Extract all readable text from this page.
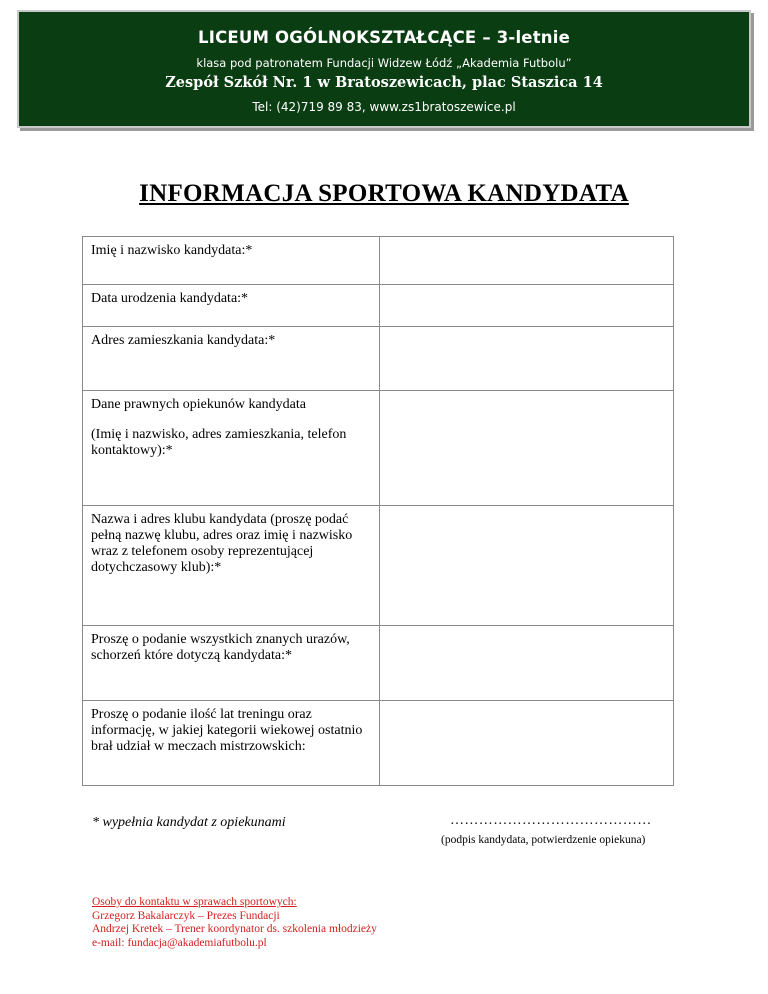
LICEUM OGÓLNOKSZTAŁCĄCE – 3-letnie
klasa pod patronatem Fundacji Widzew Łódź „Akademia Futbolu”
Zespół Szkół Nr. 1 w Bratoszewicach, plac Staszica 14
Tel: (42)719 89 83, www.zs1bratoszewice.pl
INFORMACJA SPORTOWA KANDYDATA
Imię i nazwisko kandydata:*	
Data urodzenia kandydata:*	
Adres zamieszkania kandydata:*	

Dane prawnych opiekunów kandydata
(Imię i nazwisko, adres zamieszkania, telefon kontaktowy):*	

Nazwa i adres klubu kandydata (proszę podać pełną nazwę klubu, adres oraz imię i nazwisko wraz z telefonem osoby reprezentującej dotychczasowy klub):*	
Proszę o podanie wszystkich znanych urazów, schorzeń które dotyczą kandydata:*	
Proszę o podanie ilość lat treningu oraz informację, w jakiej kategorii wiekowej ostatnio brał udział w meczach mistrzowskich:	
* wypełnia kandydat z opiekunami	……………………………………
(podpis kandydata, potwierdzenie opiekuna)
Osoby do kontaktu w sprawach sportowych:
Grzegorz Bakalarczyk – Prezes Fundacji
Andrzej Kretek – Trener koordynator ds. szkolenia młodzieży
e-mail: fundacja@akademiafutbolu.pl
